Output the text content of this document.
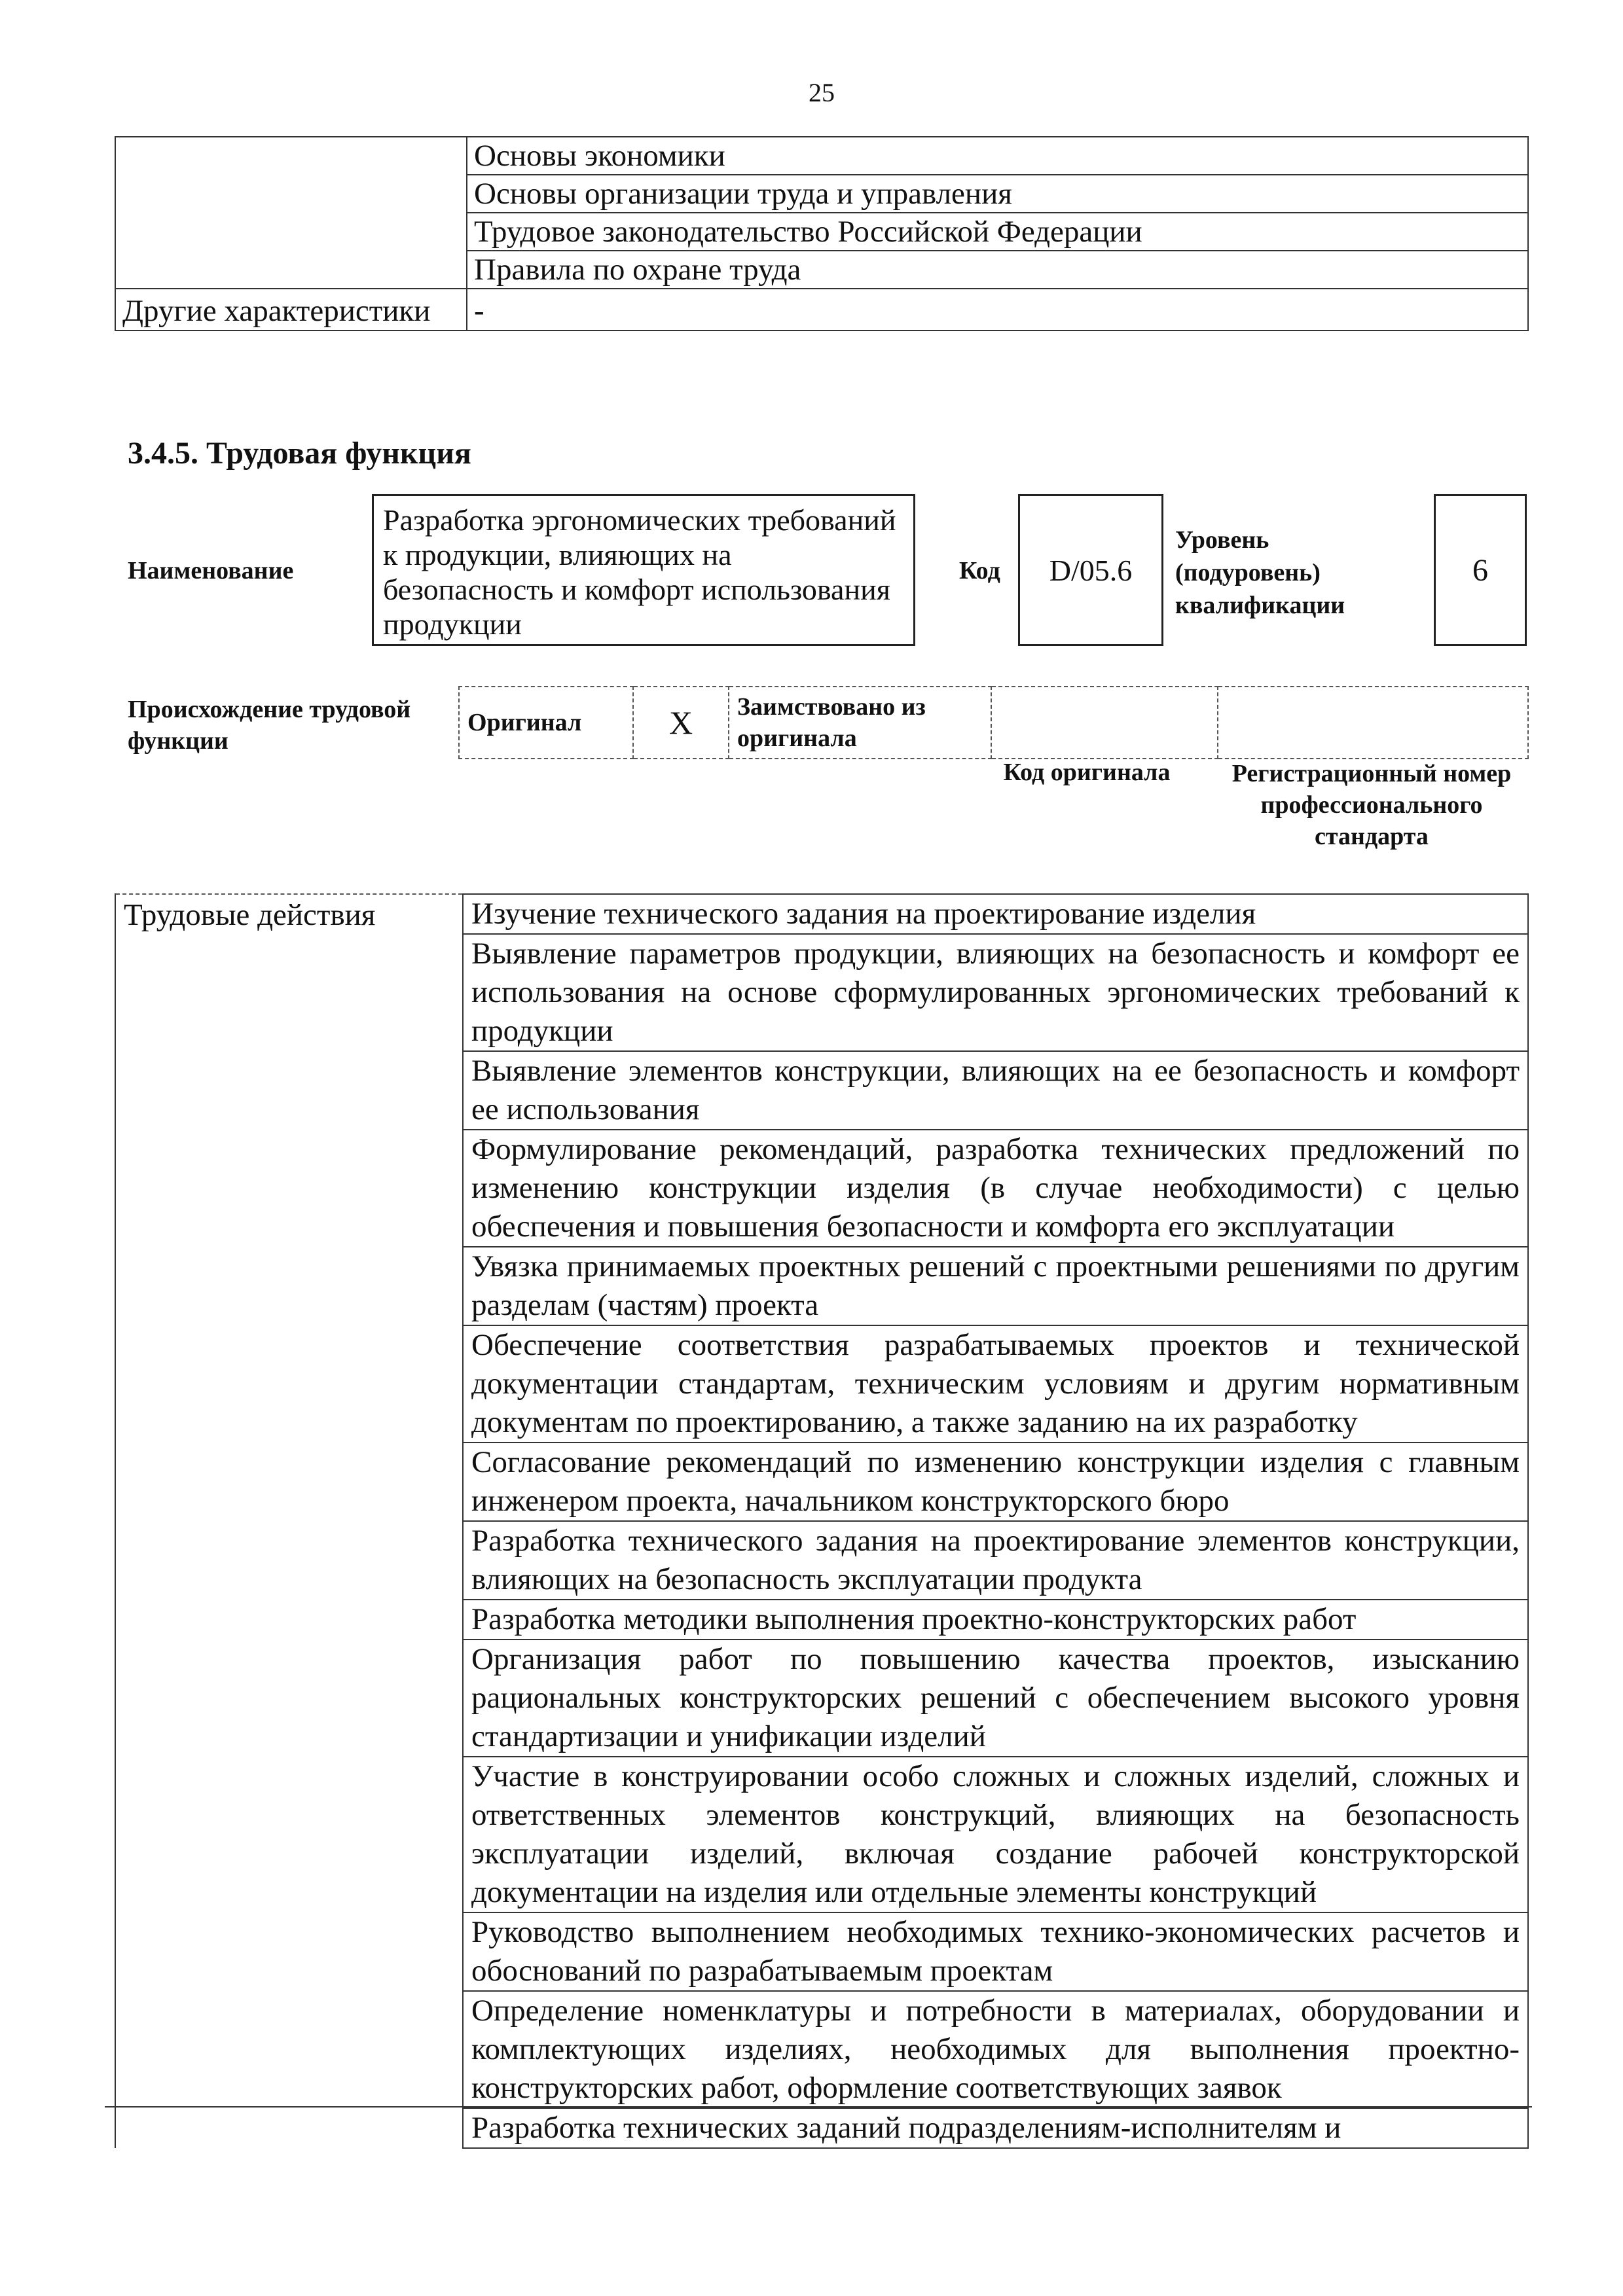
25
	Основы экономики
	Основы организации труда и управления
	Трудовое законодательство Российской Федерации
	Правила по охране труда
Другие характеристики	-
3.4.5. Трудовая функция
Наименование
Разработка эргономических требований к продукции, влияющих на безопасность и комфорт использования продукции
Код	D/05.6
Уровень (подуровень) квалификации
6
Происхождение трудовой функции
Оригинал	X	Заимствовано из оригинала		
Код оригинала	Регистрационный номер профессионального стандарта
Трудовые действия	Изучение технического задания на проектирование изделия
Выявление параметров продукции, влияющих на безопасность и комфорт ее использования на основе сформулированных эргономических требований к продукции
Выявление элементов конструкции, влияющих на ее безопасность и комфорт ее использования
Формулирование рекомендаций, разработка технических предложений по изменению конструкции изделия (в случае необходимости) с целью обеспечения и повышения безопасности и комфорта его эксплуатации
Увязка принимаемых проектных решений с проектными решениями по другим разделам (частям) проекта
Обеспечение соответствия разрабатываемых проектов и технической документации стандартам, техническим условиям и другим нормативным документам по проектированию, а также заданию на их разработку
Согласование рекомендаций по изменению конструкции изделия с главным инженером проекта, начальником конструкторского бюро
Разработка технического задания на проектирование элементов конструкции, влияющих на безопасность эксплуатации продукта
Разработка методики выполнения проектно-конструкторских работ
Организация работ по повышению качества проектов, изысканию рациональных конструкторских решений с обеспечением высокого уровня стандартизации и унификации изделий
Участие в конструировании особо сложных и сложных изделий, сложных и ответственных элементов конструкций, влияющих на безопасность эксплуатации изделий, включая создание рабочей конструкторской документации на изделия или отдельные элементы конструкций
Руководство выполнением необходимых технико-экономических расчетов и обоснований по разрабатываемым проектам
Определение номенклатуры и потребности в материалах, оборудовании и комплектующих изделиях, необходимых для выполнения проектно-конструкторских работ, оформление соответствующих заявок
Разработка технических заданий подразделениям-исполнителям и
